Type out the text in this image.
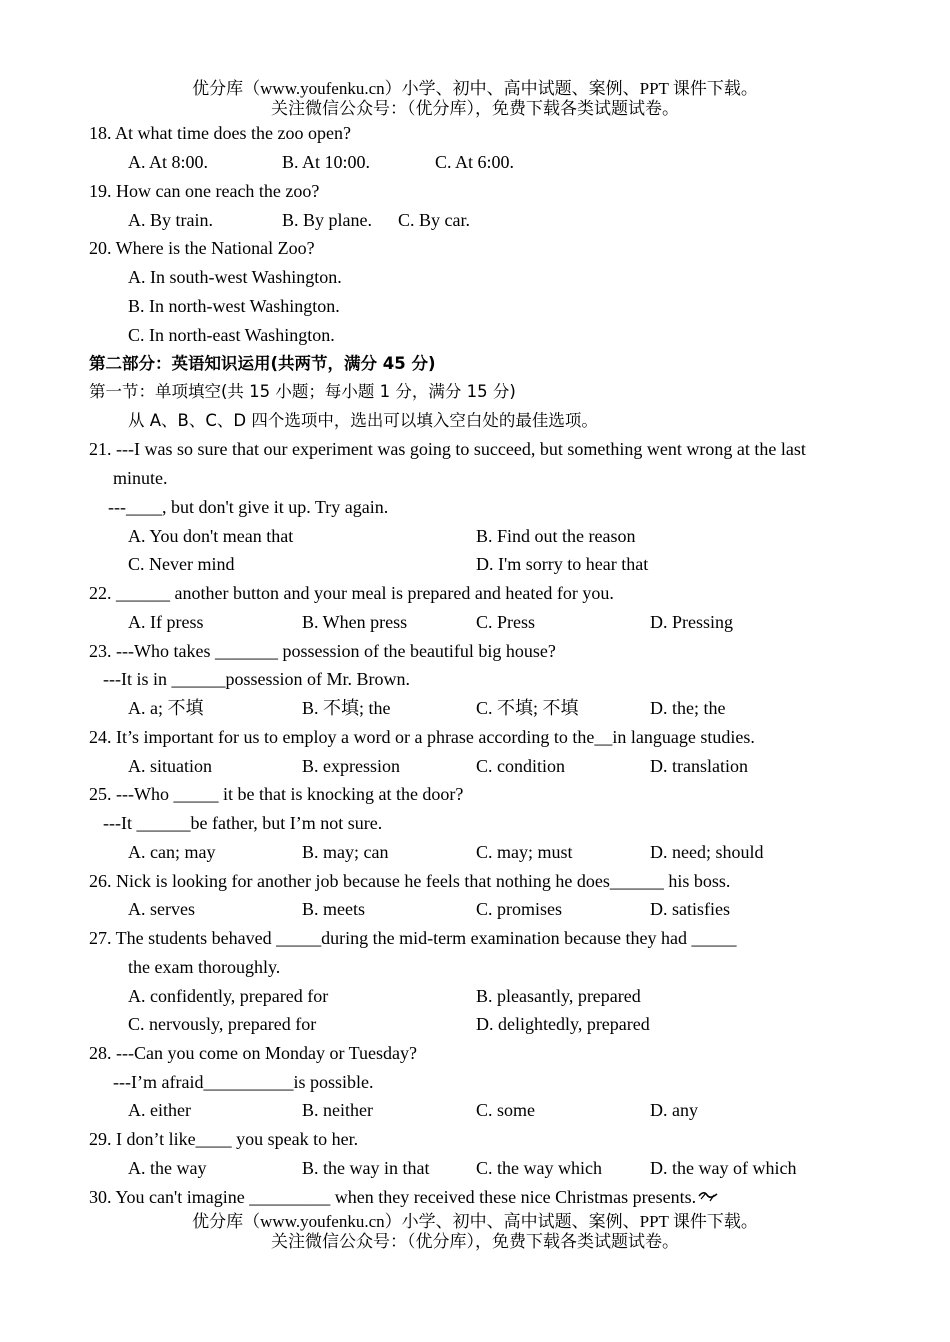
优分库（www.youfenku.cn）小学、初中、高中试题、案例、PPT 课件下载。
关注微信公众号：（优分库），免费下载各类试题试卷。
18. At what time does the zoo open?
A. At 8:00.	B. At 10:00.	C. At 6:00.
19. How can one reach the zoo?
A. By train.	B. By plane. C. By car.
20. Where is the National Zoo?
A. In south-west Washington.
B. In north-west Washington.
C. In north-east Washington.
第二部分：英语知识运用(共两节，满分 45 分)
第一节：单项填空(共 15 小题；每小题 1 分，满分 15 分)
从 A、B、C、D 四个选项中，选出可以填入空白处的最佳选项。
21. ---I was so sure that our experiment was going to succeed, but something went wrong at the last
minute.
---____, but don't give it up. Try again.
A. You don't mean that	B. Find out the reason
C. Never mind	D. I'm sorry to hear that
22. ______ another button and your meal is prepared and heated for you.
A. If press	B. When press	C. Press	D. Pressing
23. ---Who takes _______ possession of the beautiful big house?
---It is in ______possession of Mr. Brown.
A. a; 不填	B. 不填; the	C. 不填; 不填	D. the; the
24. It’s important for us to employ a word or a phrase according to the__in language studies.
A. situation	B. expression	C. condition	D. translation
25. ---Who _____ it be that is knocking at the door?
---It ______be father, but I’m not sure.
A. can; may	B. may; can	C. may; must	D. need; should
26. Nick is looking for another job because he feels that nothing he does______ his boss.
A. serves	B. meets	C. promises	D. satisfies
27. The students behaved _____during the mid-term examination because they had _____
the exam thoroughly.
A. confidently, prepared for	B. pleasantly, prepared
C. nervously, prepared for	D. delightedly, prepared
28. ---Can you come on Monday or Tuesday?
---I’m afraid__________is possible.
A. either	B. neither	C. some	D. any
29. I don’t like____ you speak to her.
A. the way	B. the way in that	C. the way which	D. the way of which
30. You can't imagine _________ when they received these nice Christmas presents.
优分库（www.youfenku.cn）小学、初中、高中试题、案例、PPT 课件下载。
关注微信公众号：（优分库），免费下载各类试题试卷。
